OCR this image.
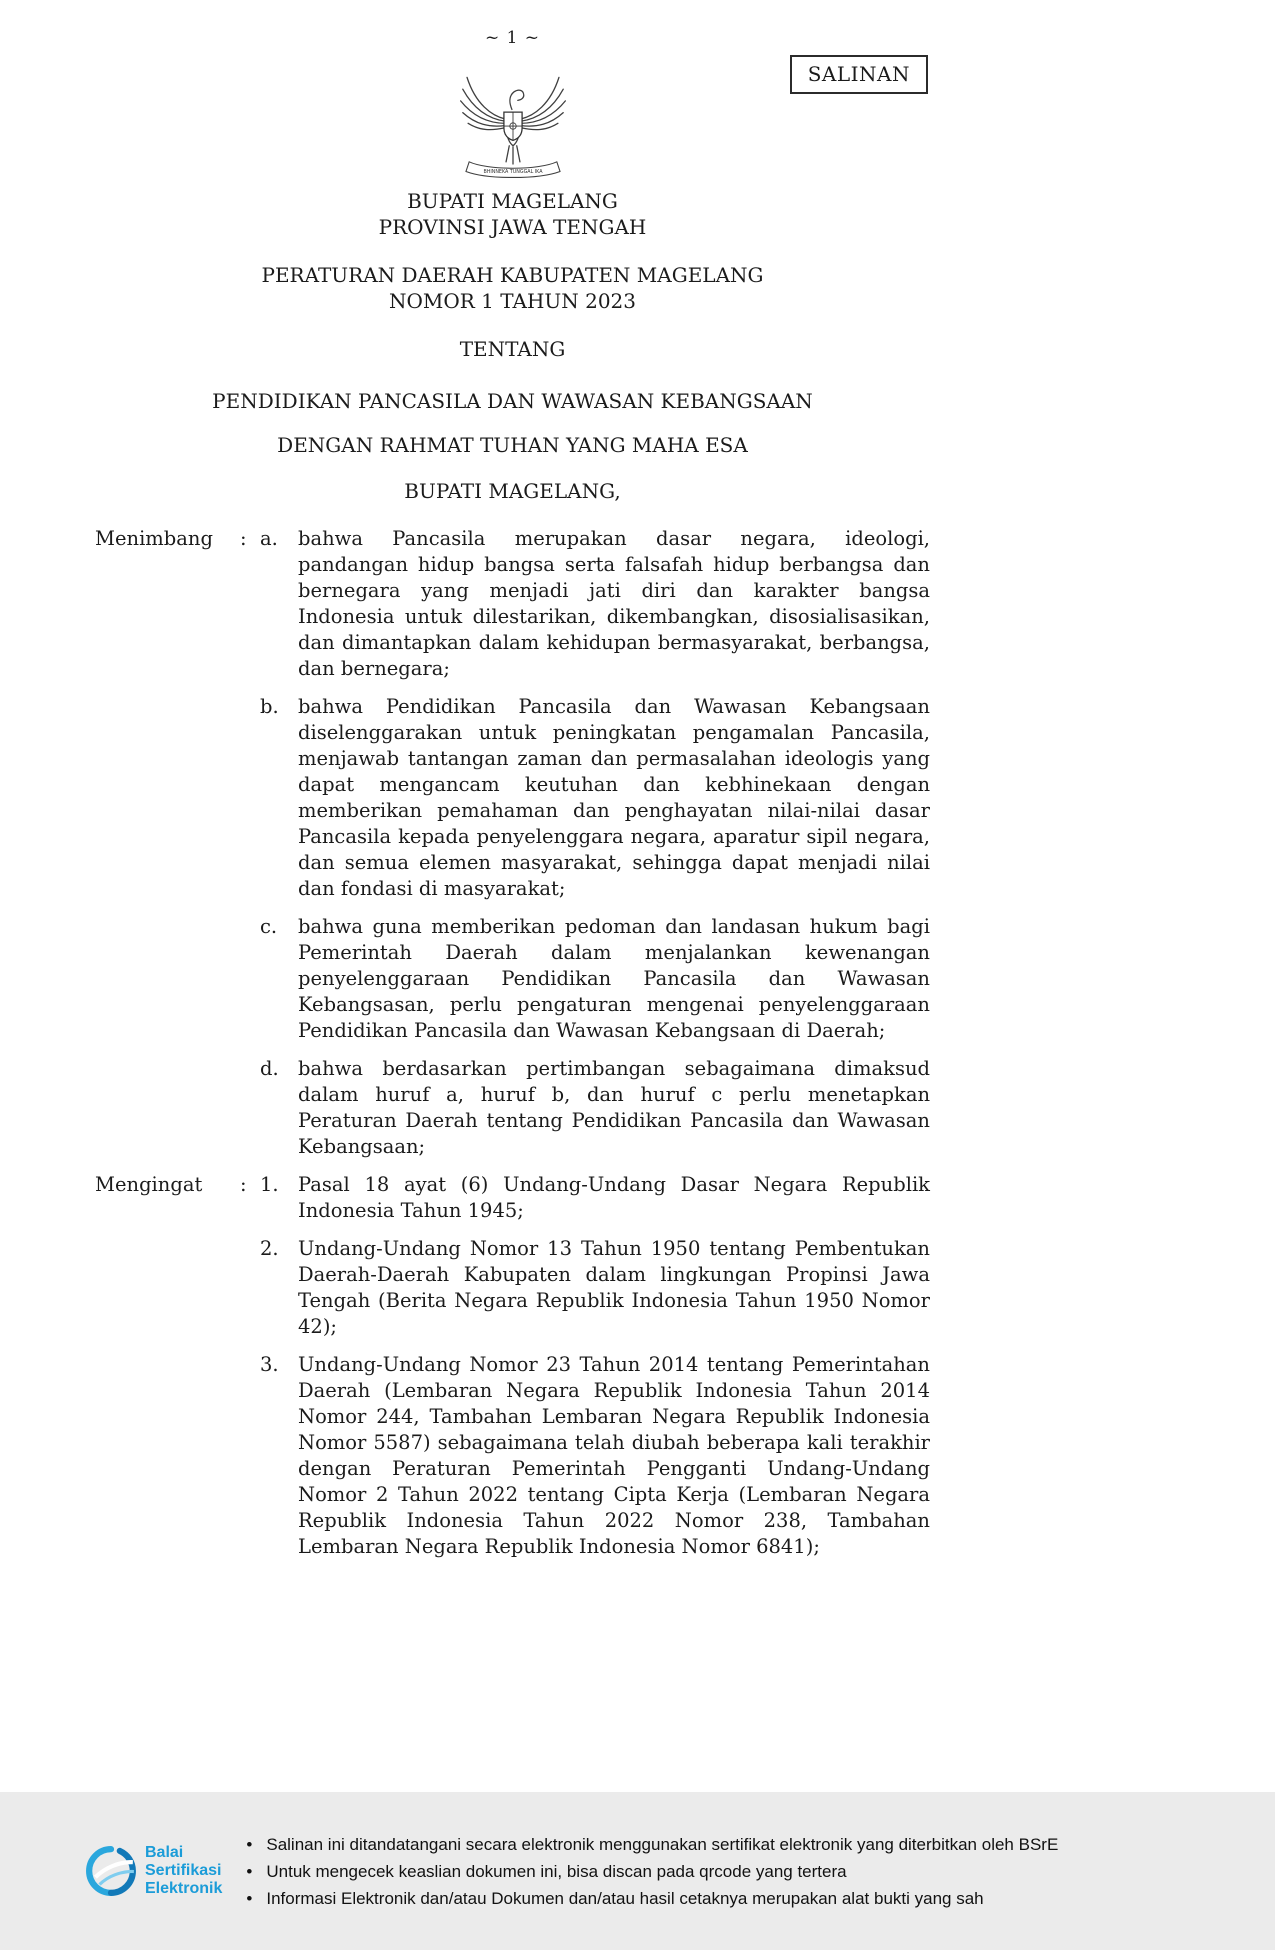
~ 1 ~
SALINAN
BHINNEKA TUNGGAL IKA
BUPATI MAGELANG
PROVINSI JAWA TENGAH
PERATURAN DAERAH KABUPATEN MAGELANG
NOMOR 1 TAHUN 2023
TENTANG
PENDIDIKAN PANCASILA DAN WAWASAN KEBANGSAAN
DENGAN RAHMAT TUHAN YANG MAHA ESA
BUPATI MAGELANG,
Menimbang	: a.	bahwa Pancasila merupakan dasar negara, ideologi, pandangan hidup bangsa serta falsafah hidup berbangsa dan bernegara yang menjadi jati diri dan karakter bangsa Indonesia untuk dilestarikan, dikembangkan, disosialisasikan, dan dimantapkan dalam kehidupan bermasyarakat, berbangsa, dan bernegara;
b. bahwa Pendidikan Pancasila dan Wawasan Kebangsaan diselenggarakan untuk peningkatan pengamalan Pancasila, menjawab tantangan zaman dan permasalahan ideologis yang dapat mengancam keutuhan dan kebhinekaan dengan memberikan pemahaman dan penghayatan nilai-nilai dasar Pancasila kepada penyelenggara negara, aparatur sipil negara, dan semua elemen masyarakat, sehingga dapat menjadi nilai dan fondasi di masyarakat;
c.	bahwa guna memberikan pedoman dan landasan hukum bagi Pemerintah Daerah dalam menjalankan kewenangan penyelenggaraan Pendidikan Pancasila dan Wawasan Kebangsasan, perlu pengaturan mengenai penyelenggaraan Pendidikan Pancasila dan Wawasan Kebangsaan di Daerah;
d. bahwa berdasarkan pertimbangan sebagaimana dimaksud dalam huruf a, huruf b, dan huruf c perlu menetapkan Peraturan Daerah tentang Pendidikan Pancasila dan Wawasan Kebangsaan;
Mengingat	: 1. Pasal 18 ayat (6) Undang-Undang Dasar Negara Republik Indonesia Tahun 1945;
2. Undang-Undang Nomor 13 Tahun 1950 tentang Pembentukan Daerah-Daerah Kabupaten dalam lingkungan Propinsi Jawa Tengah (Berita Negara Republik Indonesia Tahun 1950 Nomor 42);
3. Undang-Undang Nomor 23 Tahun 2014 tentang Pemerintahan Daerah (Lembaran Negara Republik Indonesia Tahun 2014 Nomor 244, Tambahan Lembaran Negara Republik Indonesia Nomor 5587) sebagaimana telah diubah beberapa kali terakhir dengan Peraturan Pemerintah Pengganti Undang-Undang Nomor 2 Tahun 2022 tentang Cipta Kerja (Lembaran Negara Republik Indonesia Tahun 2022 Nomor 238, Tambahan Lembaran Negara Republik Indonesia Nomor 6841);
Balai
Sertifikasi
Elektronik
• Salinan ini ditandatangani secara elektronik menggunakan sertifikat elektronik yang diterbitkan oleh BSrE
• Untuk mengecek keaslian dokumen ini, bisa discan pada qrcode yang tertera
• Informasi Elektronik dan/atau Dokumen dan/atau hasil cetaknya merupakan alat bukti yang sah
